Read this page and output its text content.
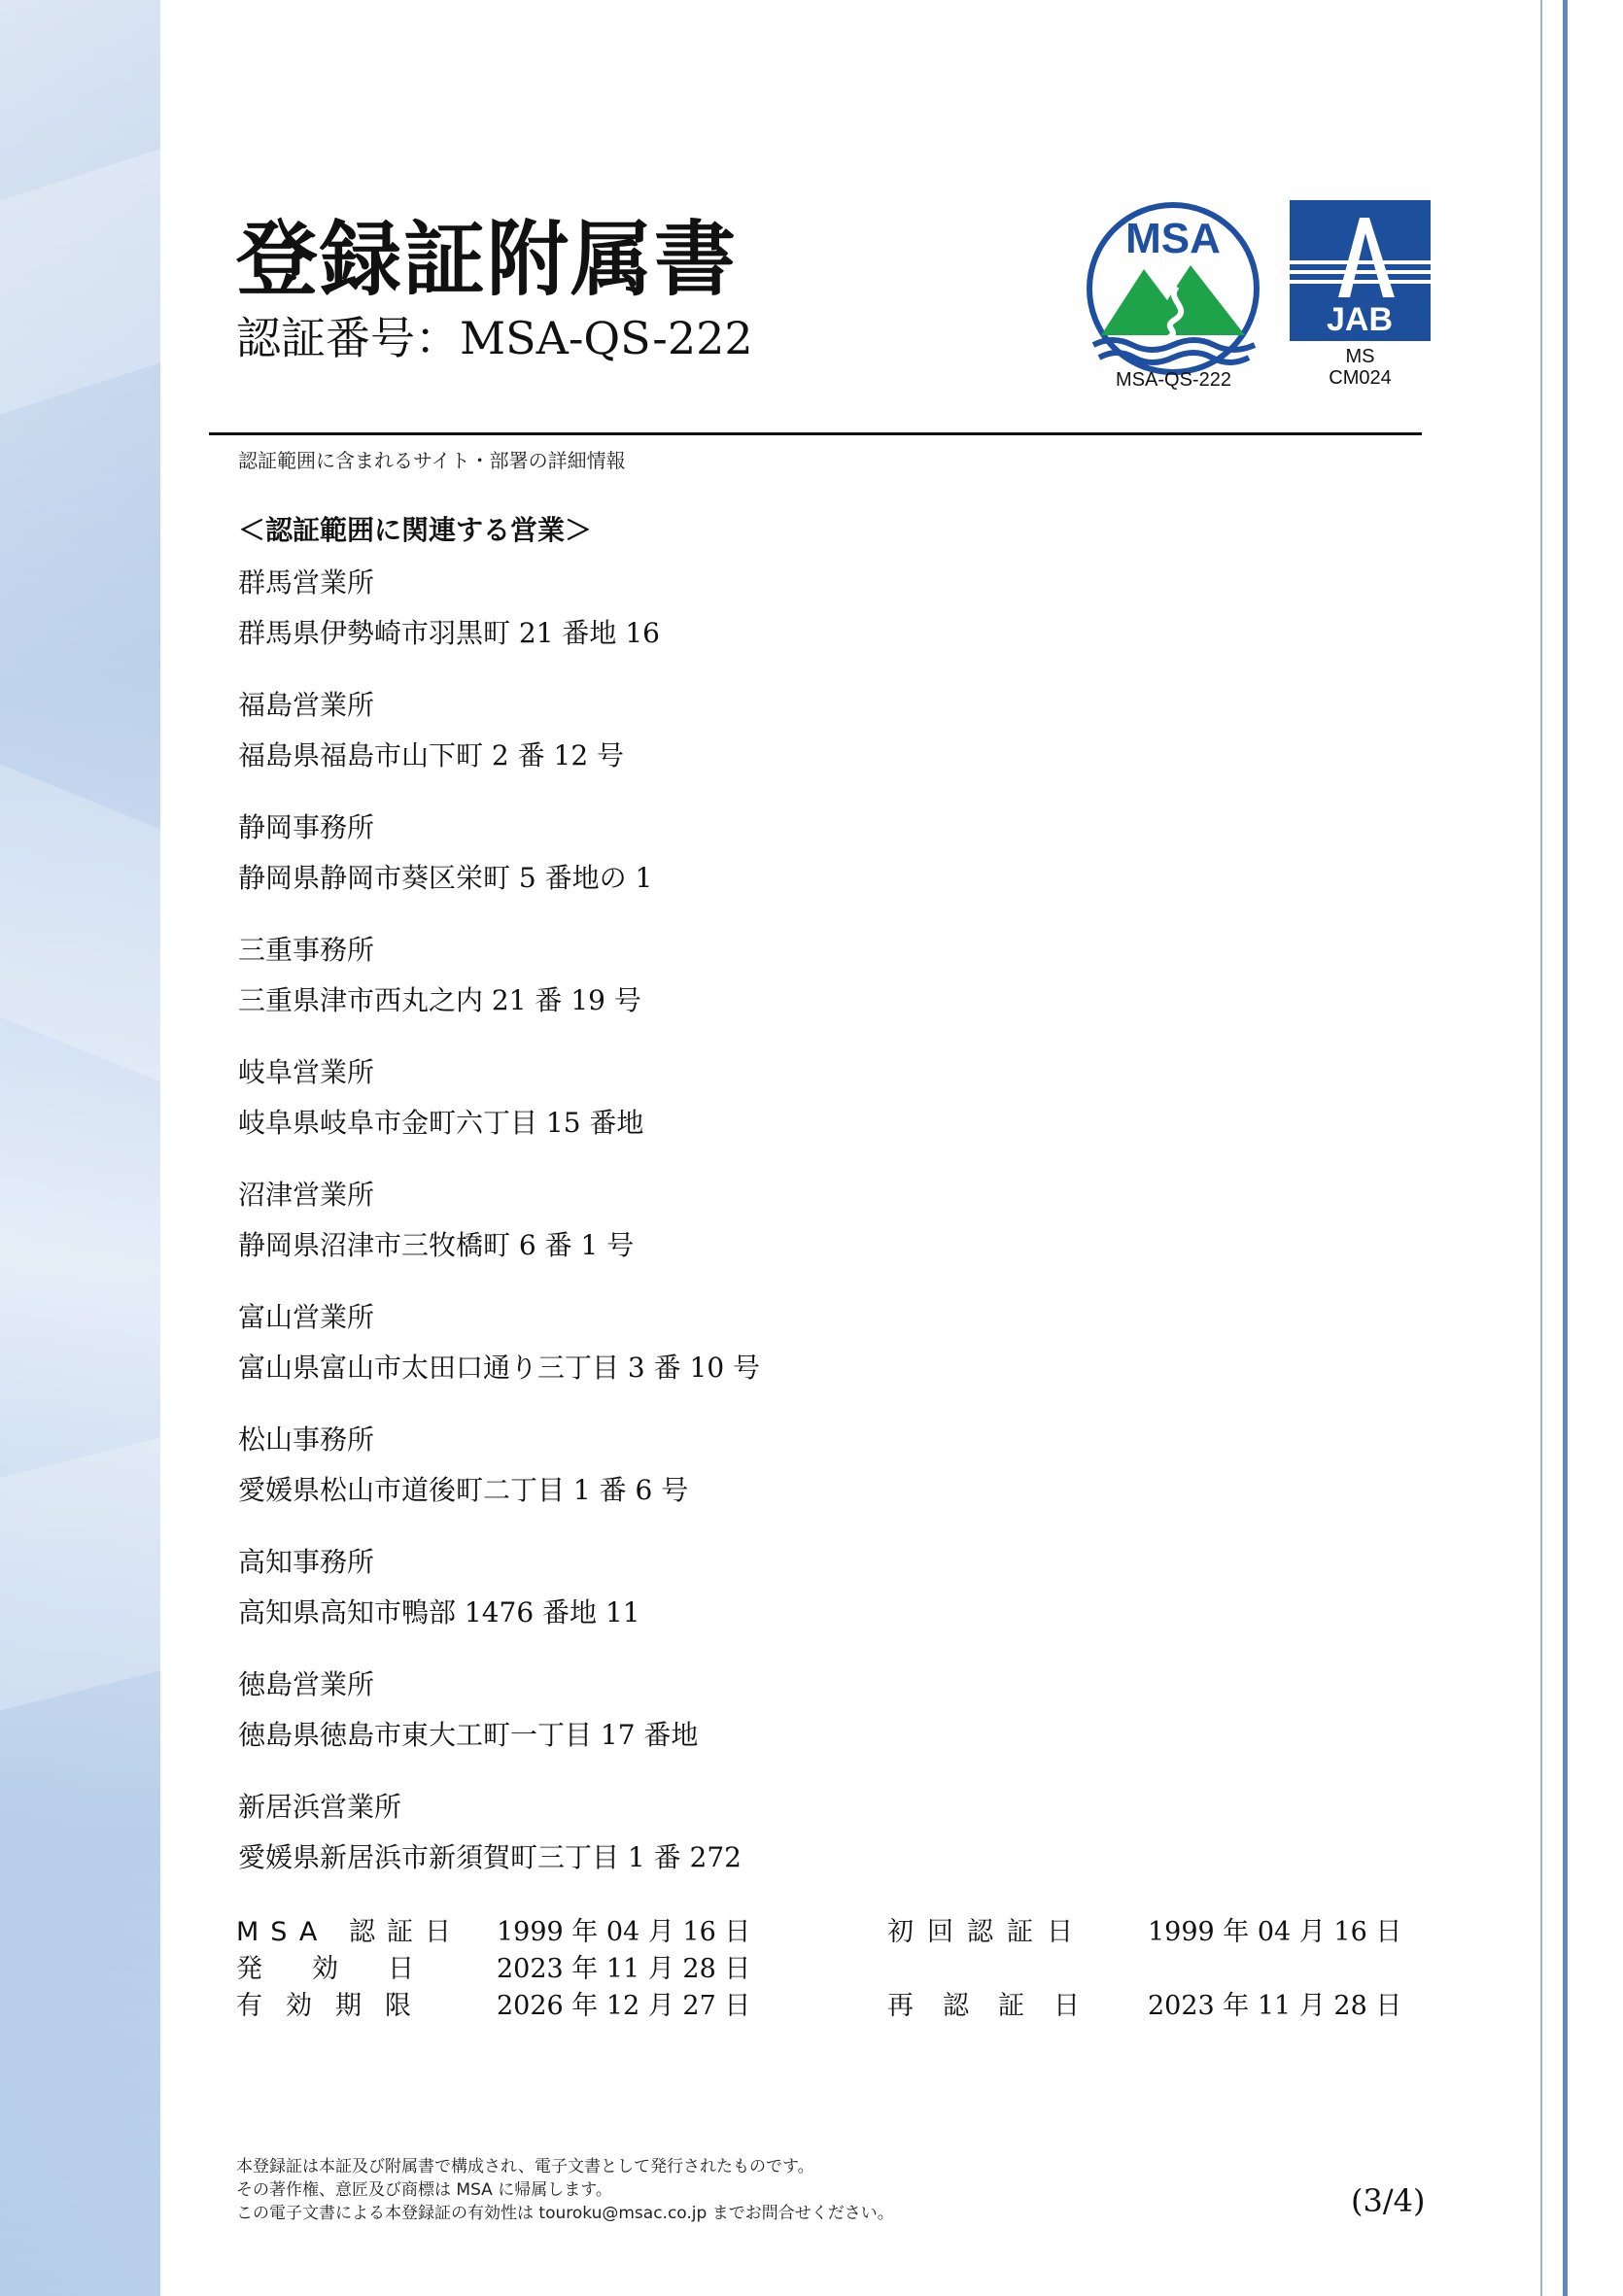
登録証附属書
認証番号：MSA-QS-222
MSA
MSA-QS-222
JAB
MS
CM024
認証範囲に含まれるサイト・部署の詳細情報
＜認証範囲に関連する営業＞
群馬営業所
群馬県伊勢崎市羽黒町 21 番地 16
福島営業所
福島県福島市山下町 2 番 12 号
静岡事務所
静岡県静岡市葵区栄町 5 番地の 1
三重事務所
三重県津市西丸之内 21 番 19 号
岐阜営業所
岐阜県岐阜市金町六丁目 15 番地
沼津営業所
静岡県沼津市三牧橋町 6 番 1 号
富山営業所
富山県富山市太田口通り三丁目 3 番 10 号
松山事務所
愛媛県松山市道後町二丁目 1 番 6 号
高知事務所
高知県高知市鴨部 1476 番地 11
徳島営業所
徳島県徳島市東大工町一丁目 17 番地
新居浜営業所
愛媛県新居浜市新須賀町三丁目 1 番 272
MSA 認証日 1999 年 04 月 16 日	初回認証日 1999 年 04 月 16 日
発　効　日	2023 年 11 月 28 日
有効期限 2026 年 12 月 27 日	再認証日 2023 年 11 月 28 日
本登録証は本証及び附属書で構成され、電子文書として発行されたものです。
その著作権、意匠及び商標は MSA に帰属します。
この電子文書による本登録証の有効性は touroku@msac.co.jp までお問合せください。	(3/4)
